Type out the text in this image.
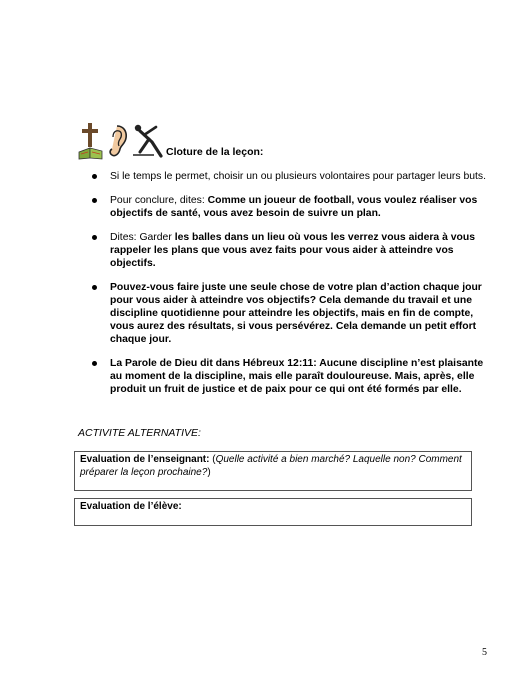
Cloture de la leçon:
Si le temps le permet, choisir un ou plusieurs volontaires pour partager leurs buts.
Pour conclure, dites: Comme un joueur de football, vous voulez réaliser vos objectifs de santé, vous avez besoin de suivre un plan.
Dites: Garder les balles dans un lieu où vous les verrez vous aidera à vous rappeler les plans que vous avez faits pour vous aider à atteindre vos objectifs.
Pouvez-vous faire juste une seule chose de votre plan d’action chaque jour pour vous aider à atteindre vos objectifs? Cela demande du travail et une discipline quotidienne pour atteindre les objectifs, mais en fin de compte, vous aurez des résultats, si vous persévérez. Cela demande un petit effort chaque jour.
La Parole de Dieu dit dans Hébreux 12:11: Aucune discipline n’est plaisante au moment de la discipline, mais elle paraît douloureuse. Mais, après, elle produit un fruit de justice et de paix pour ce qui ont été formés par elle.
ACTIVITE ALTERNATIVE:
Evaluation de l’enseignant: (Quelle activité a bien marché? Laquelle non? Comment préparer la leçon prochaine?)
Evaluation de l’élève:
5
